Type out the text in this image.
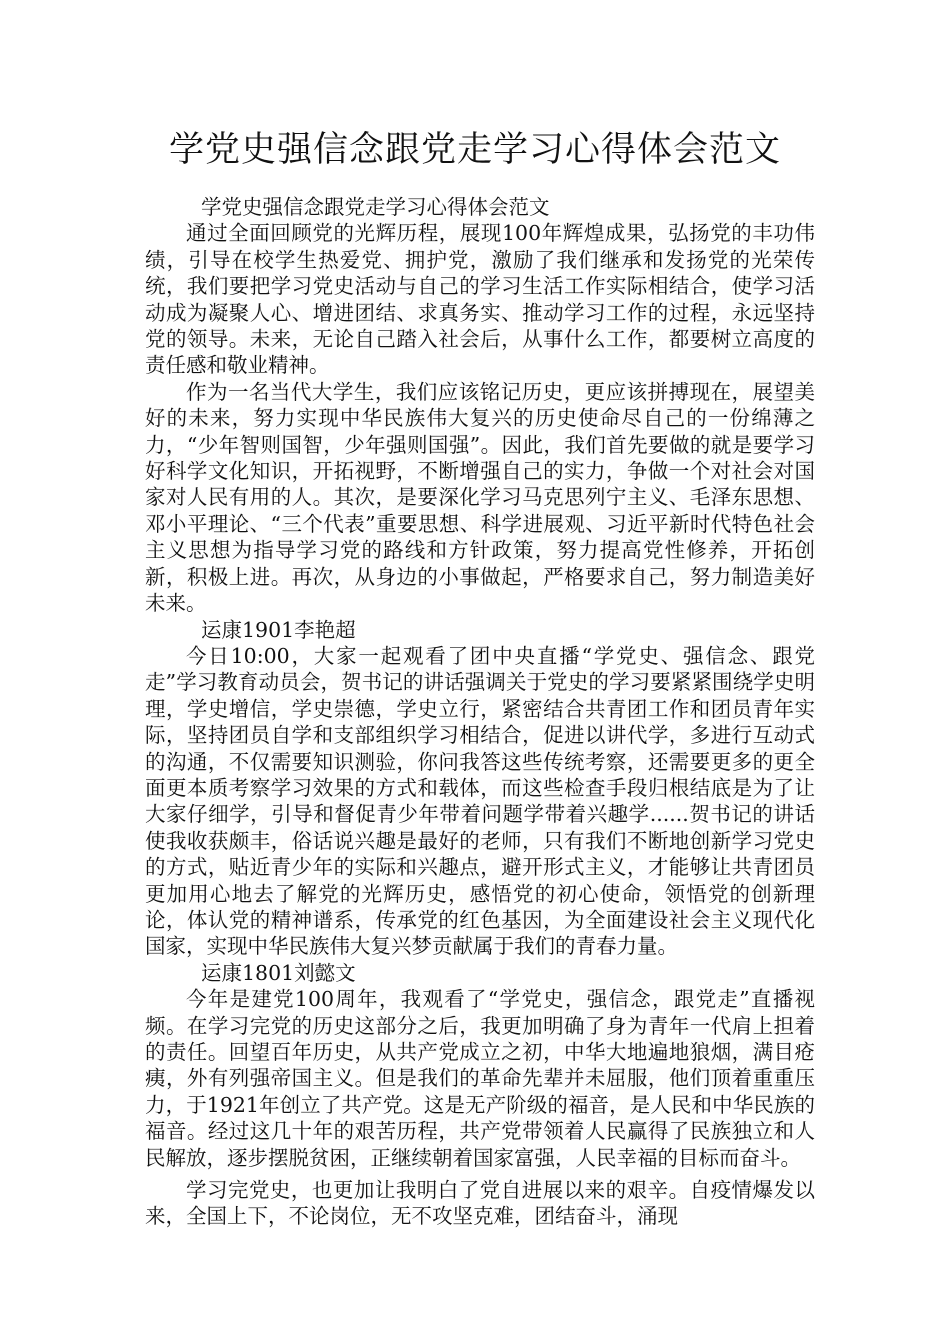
学党史强信念跟党走学习心得体会范文

学党史强信念跟党走学习心得体会范文

通过全面回顾党的光辉历程，展现100年辉煌成果，弘扬党的丰功伟绩，引导在校学生热爱党、拥护党，激励了我们继承和发扬党的光荣传统，我们要把学习党史活动与自己的学习生活工作实际相结合，使学习活动成为凝聚人心、增进团结、求真务实、推动学习工作的过程，永远坚持党的领导。未来，无论自己踏入社会后，从事什么工作，都要树立高度的责任感和敬业精神。

作为一名当代大学生，我们应该铭记历史，更应该拼搏现在，展望美好的未来，努力实现中华民族伟大复兴的历史使命尽自己的一份绵薄之力，“少年智则国智，少年强则国强”。因此，我们首先要做的就是要学习好科学文化知识，开拓视野，不断增强自己的实力，争做一个对社会对国家对人民有用的人。其次，是要深化学习马克思列宁主义、毛泽东思想、邓小平理论、“三个代表”重要思想、科学进展观、习近平新时代特色社会主义思想为指导学习党的路线和方针政策，努力提高党性修养，开拓创新，积极上进。再次，从身边的小事做起，严格要求自己，努力制造美好未来。

运康1901李艳超

今日10:00，大家一起观看了团中央直播“学党史、强信念、跟党走”学习教育动员会，贺书记的讲话强调关于党史的学习要紧紧围绕学史明理，学史增信，学史崇德，学史立行，紧密结合共青团工作和团员青年实际，坚持团员自学和支部组织学习相结合，促进以讲代学，多进行互动式的沟通，不仅需要知识测验，你问我答这些传统考察，还需要更多的更全面更本质考察学习效果的方式和载体，而这些检查手段归根结底是为了让大家仔细学，引导和督促青少年带着问题学带着兴趣学......贺书记的讲话使我收获颇丰，俗话说兴趣是最好的老师，只有我们不断地创新学习党史的方式，贴近青少年的实际和兴趣点，避开形式主义，才能够让共青团员更加用心地去了解党的光辉历史，感悟党的初心使命，领悟党的创新理论，体认党的精神谱系，传承党的红色基因，为全面建设社会主义现代化国家，实现中华民族伟大复兴梦贡献属于我们的青春力量。

运康1801刘懿文

今年是建党100周年，我观看了“学党史，强信念，跟党走”直播视频。在学习完党的历史这部分之后，我更加明确了身为青年一代肩上担着的责任。回望百年历史，从共产党成立之初，中华大地遍地狼烟，满目疮痍，外有列强帝国主义。但是我们的革命先辈并未屈服，他们顶着重重压力，于1921年创立了共产党。这是无产阶级的福音，是人民和中华民族的福音。经过这几十年的艰苦历程，共产党带领着人民赢得了民族独立和人民解放，逐步摆脱贫困，正继续朝着国家富强，人民幸福的目标而奋斗。

学习完党史，也更加让我明白了党自进展以来的艰辛。自疫情爆发以来，全国上下，不论岗位，无不攻坚克难，团结奋斗，涌现
